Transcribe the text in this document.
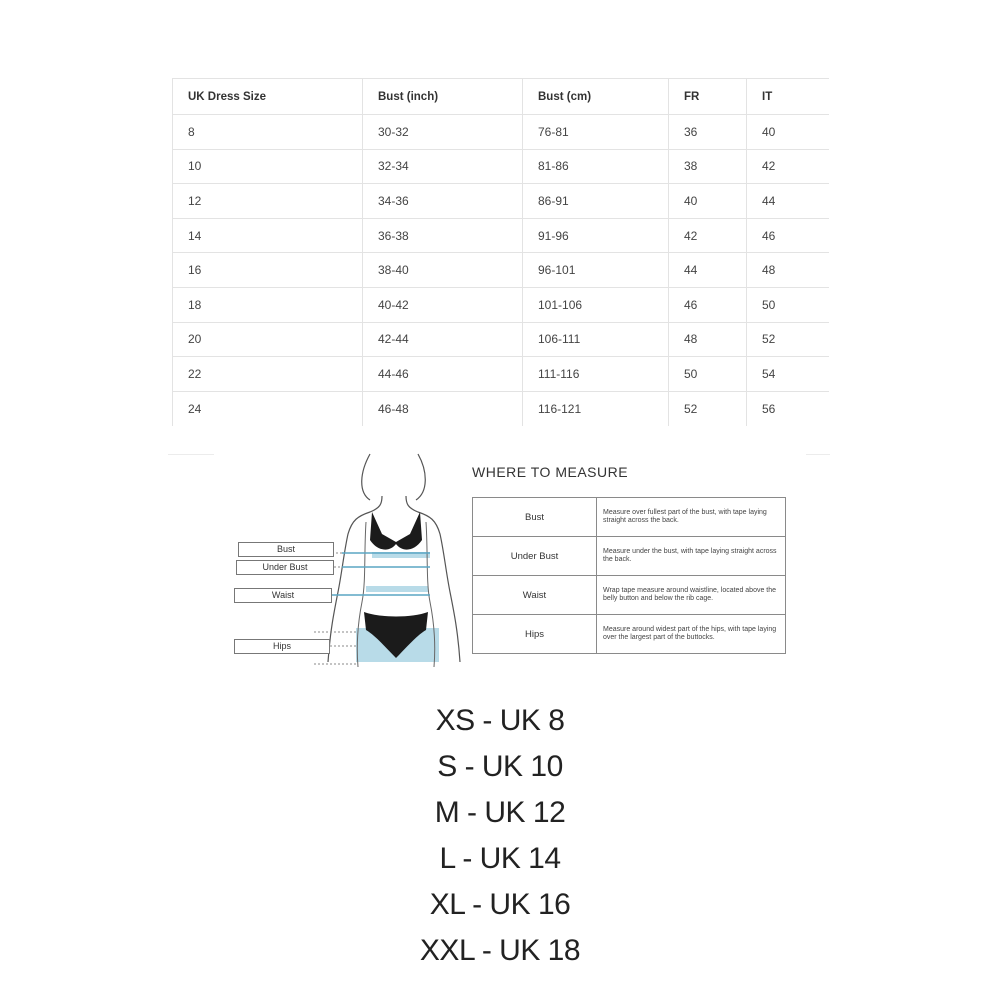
UK Dress Size	Bust (inch)	Bust (cm)	FR	IT
8	30-32	76-81	36	40
10	32-34	81-86	38	42
12	34-36	86-91	40	44
14	36-38	91-96	42	46
16	38-40	96-101	44	48
18	40-42	101-106	46	50
20	42-44	106-111	48	52
22	44-46	111-116	50	54
24	46-48	116-121	52	56
Bust
Under Bust
Waist
Hips
WHERE TO MEASURE
Bust	Measure over fullest part of the bust, with tape laying straight across the back.
Under Bust	Measure under the bust, with tape laying straight across the back.
Waist	Wrap tape measure around waistline, located above the belly button and below the rib cage.
Hips	Measure around widest part of the hips, with tape laying over the largest part of the buttocks.
XS - UK 8
S - UK 10
M - UK 12
L - UK 14
XL - UK 16
XXL - UK 18
